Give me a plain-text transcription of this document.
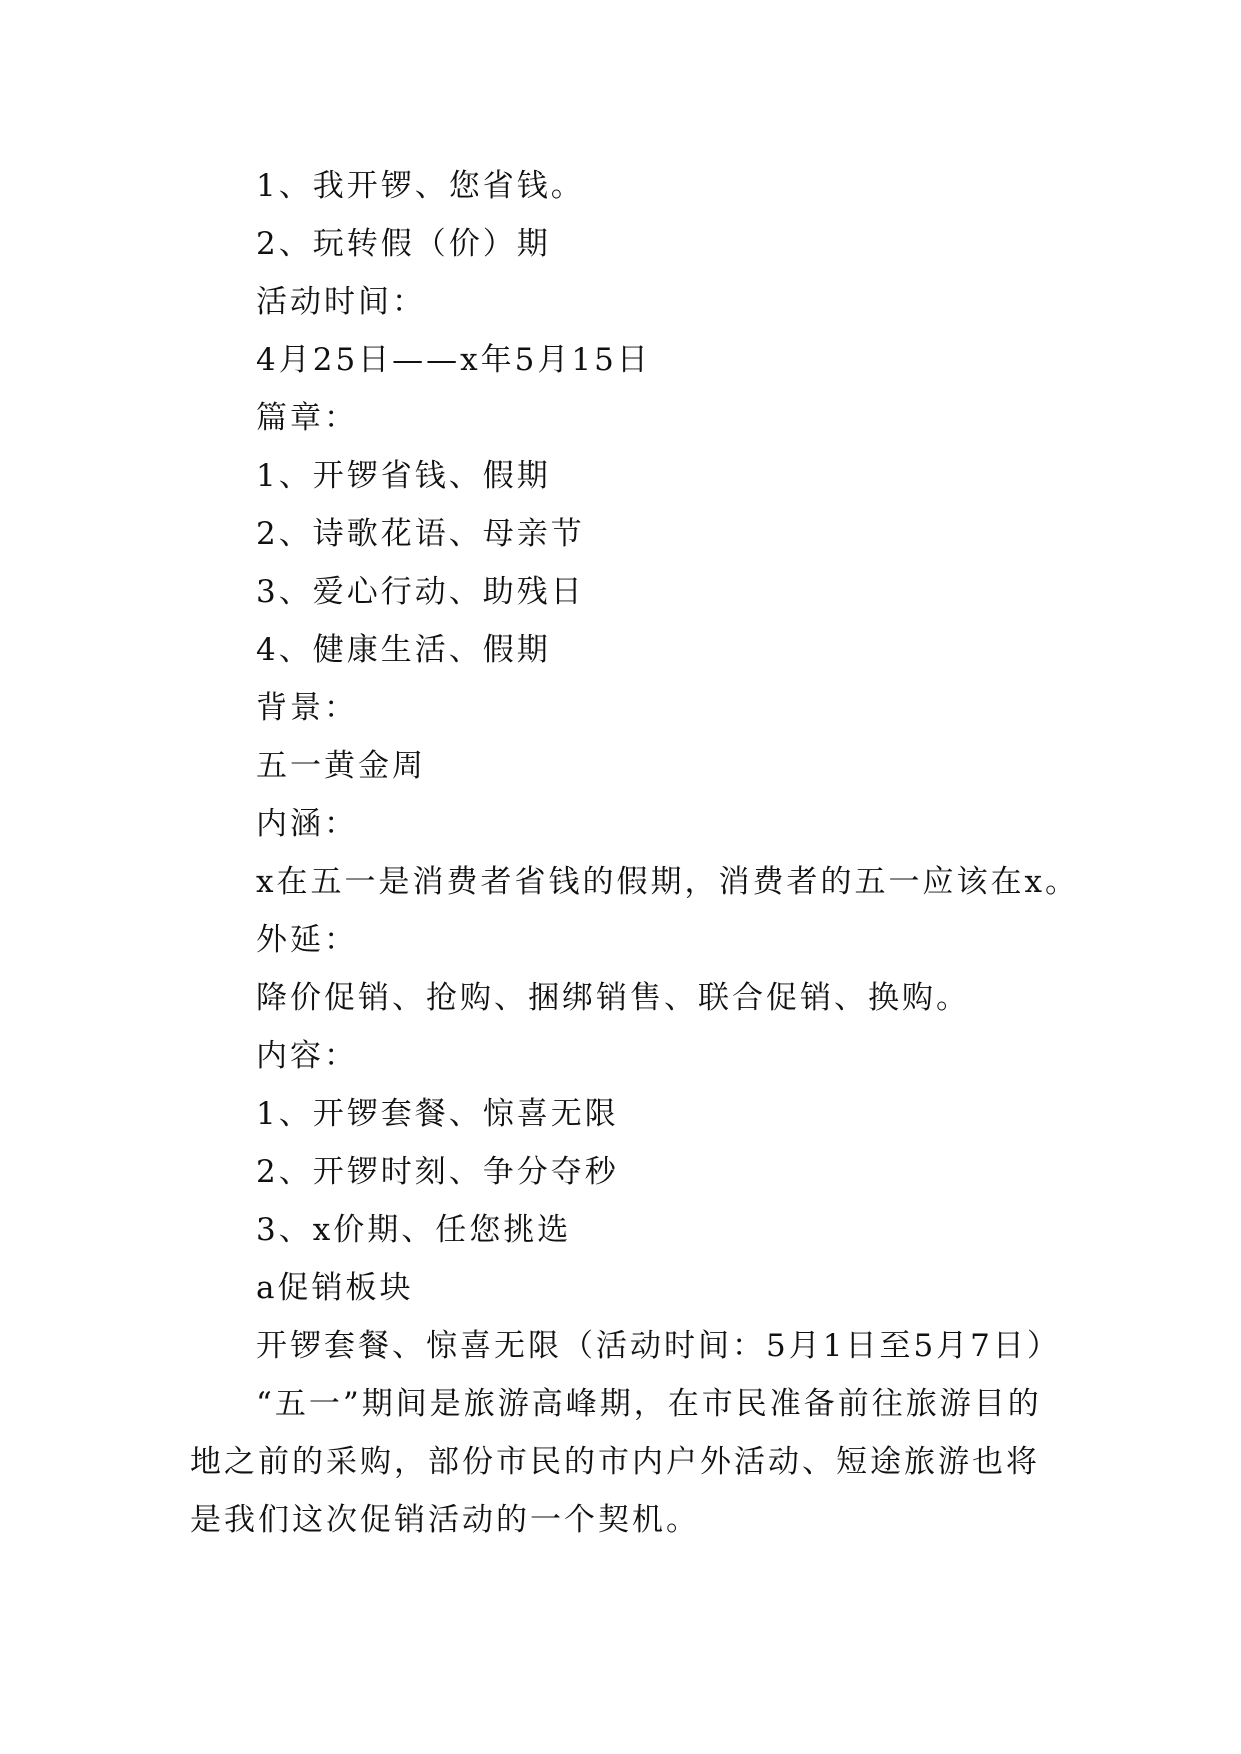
1、我开锣、您省钱。
2、玩转假（价）期
活动时间：
4月25日——x年5月15日
篇章：
1、开锣省钱、假期
2、诗歌花语、母亲节
3、爱心行动、助残日
4、健康生活、假期
背景：
五一黄金周
内涵：
x在五一是消费者省钱的假期，消费者的五一应该在x。
外延：
降价促销、抢购、捆绑销售、联合促销、换购。
内容：
1、开锣套餐、惊喜无限
2、开锣时刻、争分夺秒
3、x价期、任您挑选
a促销板块
开锣套餐、惊喜无限（活动时间：5月1日至5月7日）
“五一”期间是旅游高峰期，在市民准备前往旅游目的地之前的采购，部份市民的市内户外活动、短途旅游也将是我们这次促销活动的一个契机。
